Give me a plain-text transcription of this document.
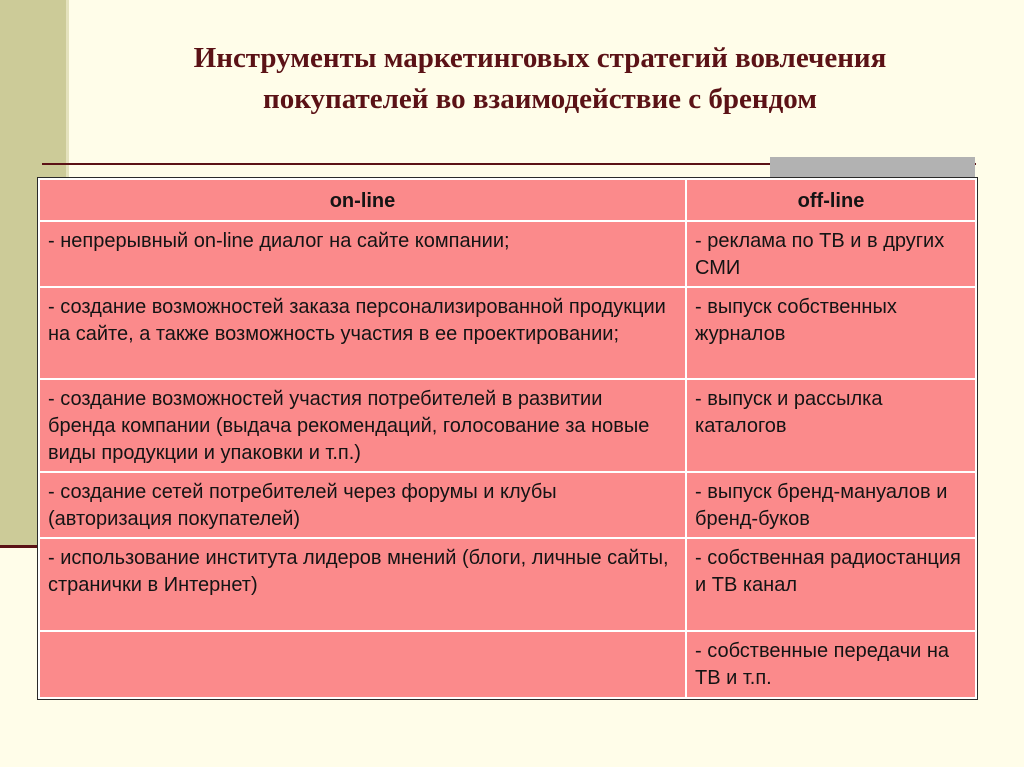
Инструменты маркетинговых стратегий вовлечения
покупателей во взаимодействие с брендом
on-line	off-line
- непрерывный on-line диалог на сайте компании;	- реклама по ТВ и в других СМИ
- создание возможностей заказа персонализированной продукции на сайте, а также возможность участия в ее проектировании;	- выпуск собственных журналов
- создание возможностей участия потребителей в развитии бренда компании (выдача рекомендаций, голосование за новые виды продукции и упаковки и т.п.)	- выпуск и рассылка каталогов
- создание сетей потребителей через форумы и клубы (авторизация покупателей)	- выпуск бренд-мануалов и бренд-буков
- использование института лидеров мнений (блоги, личные сайты, странички в Интернет)	- собственная радиостанция и ТВ канал
	- собственные передачи на ТВ и т.п.
